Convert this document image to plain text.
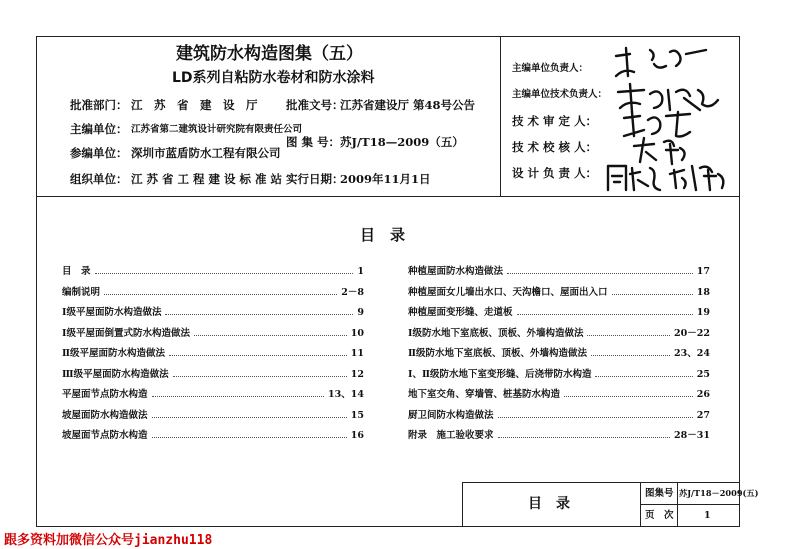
建筑防水构造图集（五）
LD系列自粘防水卷材和防水涂料
批准部门： 江　苏　省　建　设　厅 批准文号：
江苏省建设厅 第48号公告
主编单位： 江苏省第二建筑设计研究院有限责任公司
图 集 号： 苏J/T18—2009（五）
参编单位： 深圳市蓝盾防水工程有限公司
组织单位： 江 苏 省 工 程 建 设 标 准 站 实行日期：
2009年11月1日
主编单位负责人：
主编单位技术负责人：
技 术 审 定 人：
技 术 校 核 人：
设 计 负 责 人：
目　录
目　录	1
编制说明	2－8
Ⅰ级平屋面防水构造做法	9
Ⅰ级平屋面倒置式防水构造做法	10
Ⅱ级平屋面防水构造做法	11
Ⅲ级平屋面防水构造做法	12
平屋面节点防水构造	13、14
坡屋面防水构造做法	15
坡屋面节点防水构造	16
种植屋面防水构造做法	17
种植屋面女儿墙出水口、天沟檐口、屋面出入口	18
种植屋面变形缝、走道板	19
Ⅰ级防水地下室底板、顶板、外墙构造做法	20－22
Ⅱ级防水地下室底板、顶板、外墙构造做法	23、24
Ⅰ、Ⅱ级防水地下室变形缝、后浇带防水构造	25
地下室交角、穿墙管、桩基防水构造	26
厨卫间防水构造做法	27
附录　施工验收要求	28－31
目　录
图集号 苏J/T18－2009(五)
页　次	1
跟多资料加微信公众号jianzhu118
